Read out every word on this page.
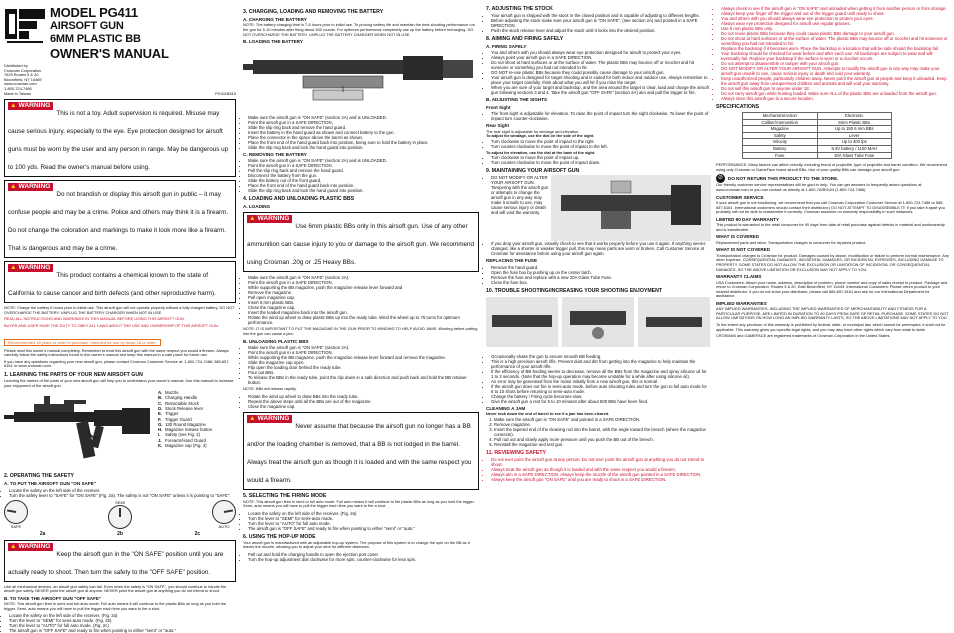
MODEL PG411
AIRSOFT GUN
6MM PLASTIC BB
OWNER'S MANUAL

Distributed by

Crosman Corporation

7629 Routes 5 & 20

Bloomfield, NY 14469

www.crosman.com

1-800-724-7486

Made in Taiwan	PG411B515

▲ WARNING
This is not a toy. Adult supervision is required. Misuse may cause serious injury, especially to the eye. Eye protection designed for airsoft guns must be worn by the user and any person in range. May be dangerous up to 100 yds. Read the owner's manual before using.
▲ WARNING
Do not brandish or display this airsoft gun in public – it may confuse people and may be a crime. Police and others may think it is a firearm. Do not change the coloration and markings to make it look more like a firearm. That is dangerous and may be a crime.
▲ WARNING
This product contains a chemical known to the state of California to cause cancer and birth defects (and other reproductive harm).

NOTE: Charge the battery 6 hours prior to initial use. This airsoft gun will not operate properly without a fully charged battery. DO NOT OVERCHARGE THE BATTERY. UNPLUG THE BATTERY CHARGER WHEN NOT IN USE.

READ ALL INSTRUCTIONS AND WARNINGS IN THIS MANUAL BEFORE USING THIS AIRSOFT GUN.

BUYER AND USER HAVE THE DUTY TO OBEY ALL LAWS ABOUT THE USE AND OWNERSHIP OF THIS AIRSOFT GUN.

Recommended 18 years or older to purchase. Intended for use by those 16 or older.

Please read this owner's manual completely. Remember to treat this airsoft gun with the same respect you would a firearm. Always carefully follow the safety instructions found in this owner's manual and keep this manual in a safe place for future use.

If you have any questions regarding your new airsoft gun, please contact Crosman Customer Service at: 1-800-724-7486; 585-657-6161 or www.crosman.com.

1. LEARNING THE PARTS OF YOUR NEW AIRSOFT GUN

Learning the names of the parts of your new airsoft gun will help you to understand your owner's manual. Use this manual to increase your enjoyment of the airsoft gun.

A. Muzzle
B. Charging Handle
C. Retractable Stock
D. Stock Release lever
E. Trigger
F. Trigger Guard
G. 130 Round Magazine
H. Magazine release button
I. Safety (see Fig. 2)
J. Forearm/Hand Guard
K. Magazine cap (Fig. 4)

2. OPERATING THE SAFETY

A. TO PUT THE AIRSOFT GUN "ON SAFE"

• Locate the safety on the left side of the receiver.
• Turn the safety lever to "SAFE" for "ON SAFE" (Fig. 2a). The safety is not "ON SAFE" unless it is pointing to "SAFE".
SAFE
SEMI
AUTO
2a	2b	2c
▲ WARNING
Keep the airsoft gun in the "ON SAFE" position until you are actually ready to shoot. Then turn the safety to the "OFF SAFE" position.

Like all mechanical devices, an airsoft gun safety can fail. Even when the safety is "ON SAFE", you should continue to handle the airsoft gun safely. NEVER point the airsoft gun at anyone. NEVER point the airsoft gun at anything you do not intend to shoot.

B. TO TAKE THE AIRSOFT GUN "OFF SAFE"

NOTE: This airsoft gun fires in semi and full-auto mode. Full auto means it will continue to fire plastic BBs as long as you hold the trigger. Semi- auto means you will have to pull the trigger each time you want to fire a shot.

• Locate the safety on the left side of the receiver. (Fig. 2a)
• Turn the lever to "SEMI" for semi-auto mode. (Fig. 2b)
• Turn the lever to "AUTO" for full auto mode. (Fig. 2c)
• The airsoft gun is "OFF SAFE" and ready to fire when pointing to either "semi" or "auto."

3. CHARGING, LOADING AND REMOVING THE BATTERY

A. CHARGING THE BATTERY

NOTE: The battery charging time is 7-8 hours prior to initial use. To prolong battery life and maintain the best shooting performance run the gun for 5-10 minutes after firing about 500 rounds. For optimum performance completely use up the battery before recharging. DO NOT OVERCHARGE THE BATTERY. UNPLUG THE BATTERY CHARGER WHEN NOT IN USE.

B. LOADING THE BATTERY

• Make sure the airsoft gun is "ON SAFE" (section 2A) and is UNLOADED.
• Point the airsoft gun in a SAFE DIRECTION.
• Slide the slip ring back and remove the hand guard.
• Insert the battery in the hand guard as shown and connect battery to the gun.
• Place the connector in the space above the barrel as shown.
• Place the front end of the hand guard back into position, being sure to hold the battery in place.
• Slide the slip ring back and lock the hand guard into position.

C. REMOVING THE BATTERY

• Make sure the airsoft gun is "ON SAFE" (section 2A) and is UNLOADED.
• Point the airsoft gun in a SAFE DIRECTION.
• Pull the slip ring back and remove the hand guard.
• Disconnect the battery from the gun.
• Slide the battery out of the front guard.
• Place the front end of the hand guard back into position.
• Slide the slip ring back and lock the hand guard into position.

4. LOADING AND UNLOADING PLASTIC BBS

A. LOADING

▲ WARNING
Use 6mm plastic BBs only in this airsoft gun. Use of any other ammunition can cause injury to you or damage to the airsoft gun. We recommend using Crosman .20g or .25 Heavy BBs.
• Make sure the airsoft gun is "ON SAFE" (section 2A).
• Point the airsoft gun in a SAFE DIRECTION.
• While supporting the BB magazine, push the magazine release lever forward and
• Remove the magazine.
• Pull open magazine cap.
• Insert 6 mm plastic BBs.
• Close the magazine cap.
• Insert the loaded magazine back into the airsoft gun.
• Rotate the wind up wheel to draw plastic BBs up into the ready tube. Wind the wheel up to 75 turns for optimum performance.

NOTE: IT IS IMPORTANT TO PUT THE MAGAZINE IN THE GUN PRIOR TO WINDING TO HELP AVOID JAMS. Winding before putting into the gun can cause a jam.

B. UNLOADING PLASTIC BBS

• Make sure the airsoft gun is "ON SAFE" (section 2A).
• Point the airsoft gun in a SAFE DIRECTION.
• While supporting the BB magazine, push the magazine release lever forward and remove the magazine.
• Slide the magazine cap open.
• Flip open the loading door behind the ready tube.
• Pour out BBs.
• To release the BBs in the ready tube, point the clip down in a safe direction and push back and hold the BB retainer button.

NOTE: BBs will release rapidly.

• Rotate the wind up wheel to draw BBs into the ready tube.
• Repeat the above steps until all the BBs are out of the magazine.
• Close the magazine cap.
▲ WARNING
Never assume that because the airsoft gun no longer has a BB and/or the loading chamber is removed, that a BB is not lodged in the barrel. Always treat the airsoft gun as though it is loaded and with the same respect you would a firearm.

5. SELECTING THE FIRING MODE

NOTE: This airsoft gun fires in semi or full auto mode. Full auto means it will continue to fire plastic BBs as long as you hold the trigger. Semi- auto means you will have to pull the trigger each time you want to fire a shot.

• Locate the safety on the left side of the receiver. (Fig. 2a)
• Turn the lever to "SEMI" for semi-auto mode.
• Turn the lever to "AUTO" for full auto mode.
• The airsoft gun is "OFF SAFE" and ready to fire when pointing to either "semi" or "auto."

6. USING THE HOP-UP MODE

Your airsoft gun is manufactured with an adjustable hop-up system. The purpose of this system is to change the spin on the BB as it leaves the muzzle, allowing you to adjust your shot for different distances.

• Pull out and hold the charging handle to open the ejection port cover.
• Turn the hop-up adjustment dial clockwise for more spin, counter-clockwise for less spin.

7. ADJUSTING THE STOCK

• Your airsoft gun is shipped with the stock in the closed position and is capable of adjusting to different lengths.
• Before adjusting the stock make sure your airsoft gun is "ON SAFE", (see section 2A) and pointed in a SAFE DIRECTION.
• Push the stock release lever and adjust the stock until it locks into the desired position.

8. AIMING AND FIRING SAFELY

A. FIRING SAFELY

• You and others with you should always wear eye protection designed for airsoft to protect your eyes.
• Always point your airsoft gun in a SAFE DIRECTION.
• Do not shoot at hard surfaces or at the surface of water. The plastic BBs may bounce off or ricochet and hit someone or something you had not intended to hit.
• DO NOT re-use plastic BBs because they could possibly cause damage to your airsoft gun.
• Your airsoft gun is designed for target shooting and is suited for both indoor and outdoor use. Always remember to place your target carefully, think about what you will hit if you miss the target.
• When you are sure of your target and backstop, and the area around the target is clear, load and charge the airsoft gun following sections 3 and 4. Take the airsoft gun "OFF SAFE" (section 2A) aim and pull the trigger to fire.

B. ADJUSTING THE SIGHTS

Front Sight

• The front sight is adjustable for elevation. To raise the point of impact turn the sight clockwise. To lower the point of impact turn counter-clockwise.

Rear Sight

The rear sight is adjustable for windage and elevation.

To adjust for windage, use the dial on the side of the sight.

• Turn clockwise to move the point of impact to the right.
• Turn counter-clockwise to move the point of impact to the left.

To adjust for elevation, use the dial at the base of the sight.

• Turn clockwise to move the point of impact up.
• Turn counter-clockwise to move the point of impact down.

9. MAINTAINING YOUR AIRSOFT GUN

• DO NOT MODIFY OR ALTER YOUR AIRSOFT GUN. Tampering with the airsoft gun or attempts to change the airsoft gun in any way may make it unsafe to use, may cause serious injury or death and will void the warranty.
• If you drop your airsoft gun, visually check to see that it works properly before you use it again. If anything seems changed, like a shorter or weaker trigger pull, this may mean parts are worn or broken. Call Customer Service at Crosman for assistance before using your airsoft gun again.

REPLACING THE FUSE

• Remove the hand guard.
• Open the fuse box by pushing up on the center latch.
• Remove the fuse and replace with a new 20A Glass Tube Fuse.
• Close the fuse box.

10. TROUBLE SHOOTING/INCREASING YOUR SHOOTING ENJOYMENT

• Occasionally shake the gun to ensure smooth BB feeding.
• This is a high precision airsoft rifle. Prevent dust and dirt from getting into the magazine to help maintain the performance of your airsoft rifle.
• If the efficiency of BB feeding seems to decrease, remove all the BBs from the magazine and spray silicone oil for 1 to 2 seconds. (Note that the hop-up operation may become unstable for a while after using silicone oil).
• An error may be generated from the motor initially from a new airsoft gun, this is normal.
• If the airsoft gun does not fire in semi-auto mode, before auto shooting rules and turn the gun to full auto mode for 5 to 10 shots before returning to semi-auto mode.
• Change the battery / Firing cycle becomes slow.
• Give the airsoft gun a rest for 5 to 10 minutes after about 500 BBs have been fired.

CLEANING A JAM

Never look down the end of barrel to see if a jam has been cleared.

1. Make sure the airsoft gun is "ON SAFE" and pointed in a SAFE DIRECTION.
2. Remove magazine.
3. Insert the tapered end of the cleaning rod into the barrel, with the angle toward the breech (where the magazine connects).
4. Pull rod out and slowly apply more pressure until you push the BB out of the breech.
5. Reinstall the magazine and test gun.

11. REVIEWING SAFETY

• Do not ever point the airsoft gun at any person. Do not ever point the airsoft gun at anything you do not intend to shoot.
• Always treat the airsoft gun as though it is loaded and with the same respect you would a firearm.
• Always aim in a SAFE DIRECTION. Always keep the muzzle of the airsoft gun pointed in a SAFE DIRECTION.
• Always keep the airsoft gun "ON SAFE" until you are ready to shoot in a SAFE DIRECTION.
• Always check to see if the airsoft gun is "ON SAFE" and unloaded when getting it from another person or from storage.
• Always keep your finger off the trigger and out of the trigger guard until ready to shoot.
• You and others with you should always wear eye protection to protect your eyes.
• Always wear eye protection designed for airsoft use regular glasses.
• Use 6 mm plastic BBs only.
• Do not reuse plastic BBs because they could cause plastic BBs damage to your airsoft gun.
• Do not shoot at hard surfaces or at the surface of water. The plastic BBs may bounce off or ricochet and hit someone or something you had not intended to hit.
• Replace the backstop if it becomes worn. Place the backstop in a location that will be safe should the backstop fail.
• Your backstop should be checked for wear before and after each use. All backstops are subject to wear and will eventually fail. Replace your backstop if the surface is worn or a ricochet occurs.
• Do not attempt to disassemble or tamper with your airsoft gun.
• DO NOT MODIFY OR ALTER YOUR AIRSOFT GUN. Attempts to modify the airsoft gun in any way may make your airsoft gun unsafe to use, cause serious injury or death and void your warranty.
• Keep unauthorized people, particularly children away. Never point the airsoft gun at people and keep it unloaded. Keep the airsoft gun away from unsupervised children and animals and will void your warranty.
• Do not sell this airsoft gun to anyone under 18.
• Do not carry airsoft gun while hunting loaded. Make sure ALL of the plastic BBs are unloaded from the airsoft gun.
• Always store this airsoft gun in a secure location.

SPECIFICATIONS

Mechanism/Action	Electronic
Caliber/Ammunition	6mm Plastic BBs
Magazine	Up to 150 6 mm BBs
Safety	Lever
Velocity	Up to 400 fps
Battery	8.4V battery / 1100 MAH
Fuse	20A Glass Tube Fuse

PERFORMANCE: Many factors can affect velocity, including brand of projectile, type of projectile and barrel condition. We recommend using only Crosman or GameFace brand airsoft BBs. Use of poor quality BBs can damage your airsoft gun.

⊘	DO NOT RETURN THIS PRODUCT TO THE STORE.

Our friendly customer service representatives will be glad to help. You can get answers to frequently asked questions at www.crosman.com or you can contact us directly at 1-800-7AIRGUN (1-800-724-7486)

CUSTOMER SERVICE

If your airsoft gun is not functioning, we recommend that you call Crosman Corporation Customer Service at 1-800-724-7486 or 585-657-6161. International customers should contact their distributor.) DO NOT ATTEMPT TO DISASSEMBLE IT! If you take it apart you probably will not be able to reassemble it correctly. Crosman assumes no warranty responsibility in such instances.

LIMITED 90 DAY WARRANTY

This product is warranted to the retail consumer for 90 days from date of retail purchase against defects in material and workmanship and is transferable.

WHAT IS COVERED

Replacement parts and labor. Transportation charges to consumer for repaired product.

WHAT IS NOT COVERED

Transportation charges to Crosman for product. Damages caused by abuse, modification or failure to perform normal maintenance. Any other expense. CONSEQUENTIAL DAMAGES, INCIDENTAL DAMAGES, OR INCIDENTAL EXPENSES, INCLUDING DAMAGE TO PROPERTY. SOME STATES DO NOT ALLOW THE EXCLUSION OR LIMITATION OF INCIDENTAL OR CONSEQUENTIAL DAMAGES, SO THE ABOVE LIMITATION OR EXCLUSION MAY NOT APPLY TO YOU.

WARRANTY CLAIMS

USA Customers: Attach your name, address, description of problem, phone number and copy of sales receipt to product. Package and return to Crosman Corporation, Routes 5 & 20, East Bloomfield, NY 14443. International Customers: Please return product to your nearest distributor. If you do not know your distributor, please call 585-657-6161 and ask for our International Department for assistance.

IMPLIED WARRANTIES

ANY IMPLIED WARRANTIES, INCLUDING THE IMPLIED WARRANTIES OF MERCHANTABILITY AND FITNESS FOR A PARTICULAR PURPOSE, ARE LIMITED IN DURATION TO 90 DAYS FROM DATE OF RETAIL PURCHASE. SOME STATES DO NOT ALLOW LIMITATIONS ON HOW LONG AN IMPLIED WARRANTY LASTS, SO THE ABOVE LIMITATIONS MAY NOT APPLY TO YOU.

To the extent any provision of this warranty is prohibited by federal, state, or municipal law, which cannot be preempted, it shall not be applicable. This warranty gives you specific legal rights, and you may also have other rights which vary from state to state.

CROSMAN and GAMEFACE are registered trademarks of Crosman Corporation in the United States.
